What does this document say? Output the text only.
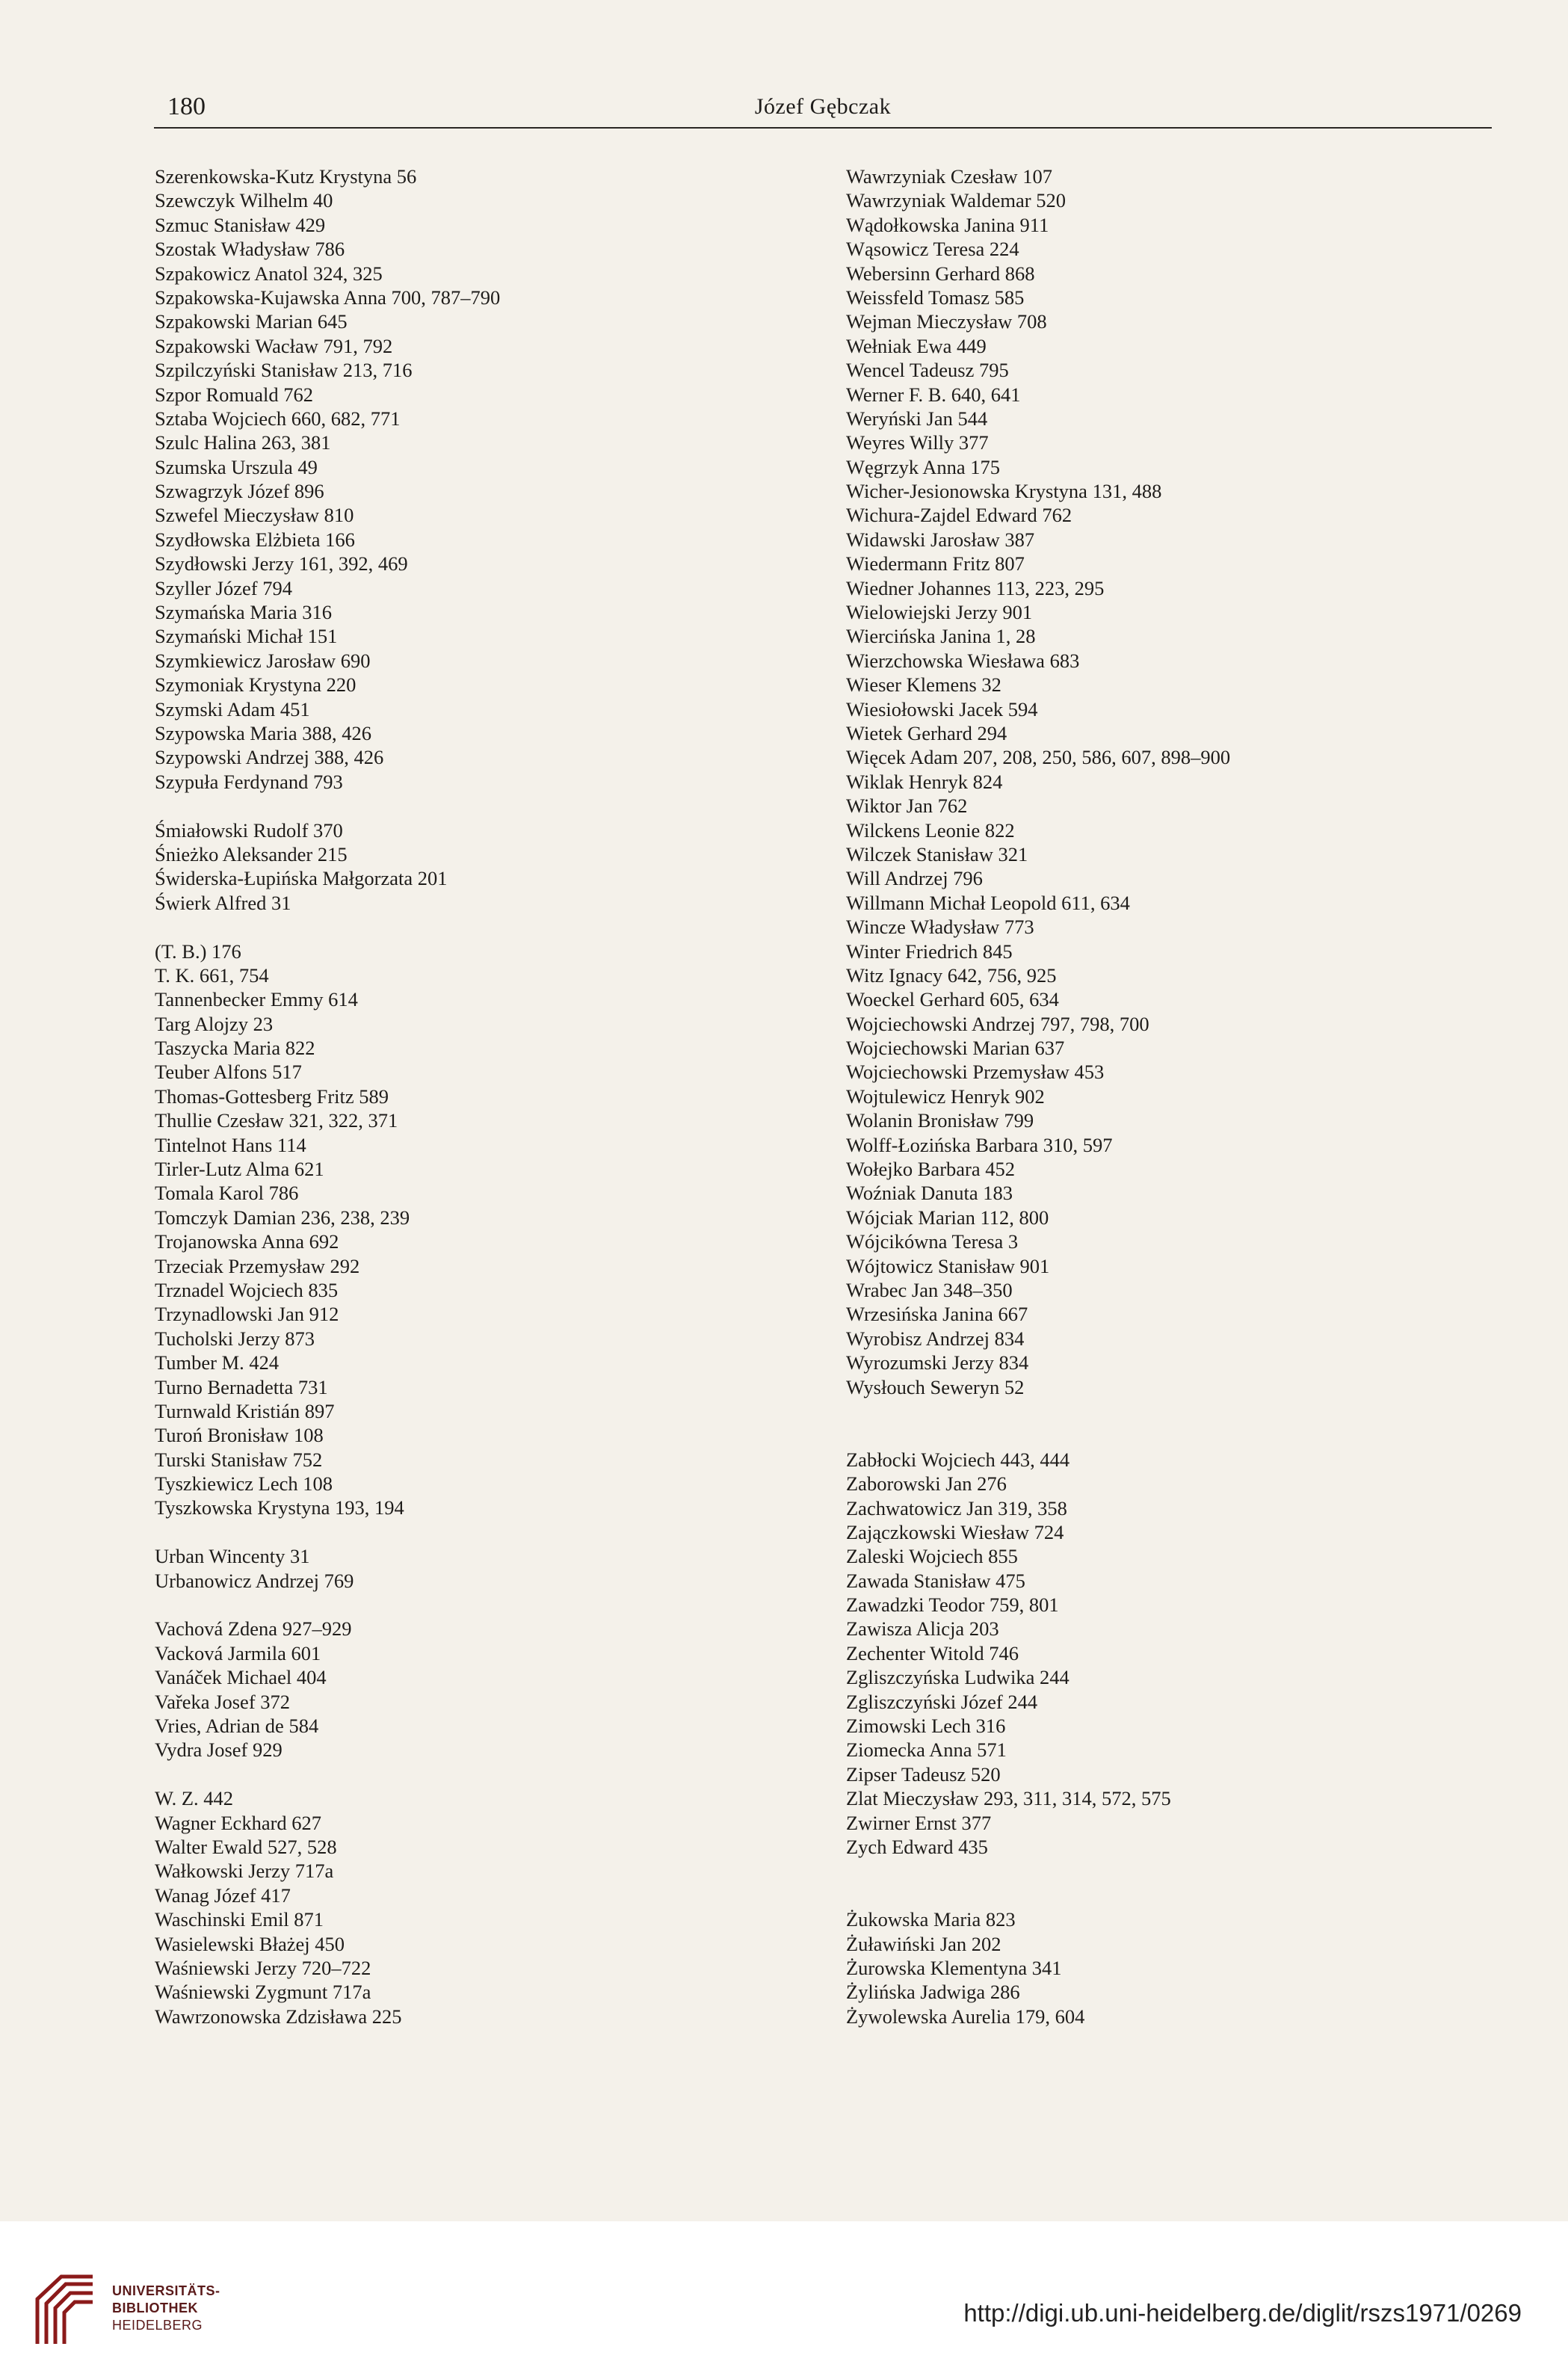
180	Józef Gębczak
Szerenkowska-Kutz Krystyna 56
Szewczyk Wilhelm 40
Szmuc Stanisław 429
Szostak Władysław 786
Szpakowicz Anatol 324, 325
Szpakowska-Kujawska Anna 700, 787–790
Szpakowski Marian 645
Szpakowski Wacław 791, 792
Szpilczyński Stanisław 213, 716
Szpor Romuald 762
Sztaba Wojciech 660, 682, 771
Szulc Halina 263, 381
Szumska Urszula 49
Szwagrzyk Józef 896
Szwefel Mieczysław 810
Szydłowska Elżbieta 166
Szydłowski Jerzy 161, 392, 469
Szyller Józef 794
Szymańska Maria 316
Szymański Michał 151
Szymkiewicz Jarosław 690
Szymoniak Krystyna 220
Szymski Adam 451
Szypowska Maria 388, 426
Szypowski Andrzej 388, 426
Szypuła Ferdynand 793
Śmiałowski Rudolf 370
Śnieżko Aleksander 215
Świderska-Łupińska Małgorzata 201
Świerk Alfred 31
(T. B.) 176
T. K. 661, 754
Tannenbecker Emmy 614
Targ Alojzy 23
Taszycka Maria 822
Teuber Alfons 517
Thomas-Gottesberg Fritz 589
Thullie Czesław 321, 322, 371
Tintelnot Hans 114
Tirler-Lutz Alma 621
Tomala Karol 786
Tomczyk Damian 236, 238, 239
Trojanowska Anna 692
Trzeciak Przemysław 292
Trznadel Wojciech 835
Trzynadlowski Jan 912
Tucholski Jerzy 873
Tumber M. 424
Turno Bernadetta 731
Turnwald Kristián 897
Turoń Bronisław 108
Turski Stanisław 752
Tyszkiewicz Lech 108
Tyszkowska Krystyna 193, 194
Urban Wincenty 31
Urbanowicz Andrzej 769
Vachová Zdena 927–929
Vacková Jarmila 601
Vanáček Michael 404
Vařeka Josef 372
Vries, Adrian de 584
Vydra Josef 929
W. Z. 442
Wagner Eckhard 627
Walter Ewald 527, 528
Wałkowski Jerzy 717a
Wanag Józef 417
Waschinski Emil 871
Wasielewski Błażej 450
Waśniewski Jerzy 720–722
Waśniewski Zygmunt 717a
Wawrzonowska Zdzisława 225
Wawrzyniak Czesław 107
Wawrzyniak Waldemar 520
Wądołkowska Janina 911
Wąsowicz Teresa 224
Webersinn Gerhard 868
Weissfeld Tomasz 585
Wejman Mieczysław 708
Wełniak Ewa 449
Wencel Tadeusz 795
Werner F. B. 640, 641
Weryński Jan 544
Weyres Willy 377
Węgrzyk Anna 175
Wicher-Jesionowska Krystyna 131, 488
Wichura-Zajdel Edward 762
Widawski Jarosław 387
Wiedermann Fritz 807
Wiedner Johannes 113, 223, 295
Wielowiejski Jerzy 901
Wiercińska Janina 1, 28
Wierzchowska Wiesława 683
Wieser Klemens 32
Wiesiołowski Jacek 594
Wietek Gerhard 294
Więcek Adam 207, 208, 250, 586, 607, 898–900
Wiklak Henryk 824
Wiktor Jan 762
Wilckens Leonie 822
Wilczek Stanisław 321
Will Andrzej 796
Willmann Michał Leopold 611, 634
Wincze Władysław 773
Winter Friedrich 845
Witz Ignacy 642, 756, 925
Woeckel Gerhard 605, 634
Wojciechowski Andrzej 797, 798, 700
Wojciechowski Marian 637
Wojciechowski Przemysław 453
Wojtulewicz Henryk 902
Wolanin Bronisław 799
Wolff-Łozińska Barbara 310, 597
Wołejko Barbara 452
Woźniak Danuta 183
Wójciak Marian 112, 800
Wójcikówna Teresa 3
Wójtowicz Stanisław 901
Wrabec Jan 348–350
Wrzesińska Janina 667
Wyrobisz Andrzej 834
Wyrozumski Jerzy 834
Wysłouch Seweryn 52
Zabłocki Wojciech 443, 444
Zaborowski Jan 276
Zachwatowicz Jan 319, 358
Zajączkowski Wiesław 724
Zaleski Wojciech 855
Zawada Stanisław 475
Zawadzki Teodor 759, 801
Zawisza Alicja 203
Zechenter Witold 746
Zgliszczyńska Ludwika 244
Zgliszczyński Józef 244
Zimowski Lech 316
Ziomecka Anna 571
Zipser Tadeusz 520
Zlat Mieczysław 293, 311, 314, 572, 575
Zwirner Ernst 377
Zych Edward 435
Żukowska Maria 823
Żuławiński Jan 202
Żurowska Klementyna 341
Żylińska Jadwiga 286
Żywolewska Aurelia 179, 604
UNIVERSITÄTS-
BIBLIOTHEK
HEIDELBERG	http://digi.ub.uni-heidelberg.de/diglit/rszs1971/0269
